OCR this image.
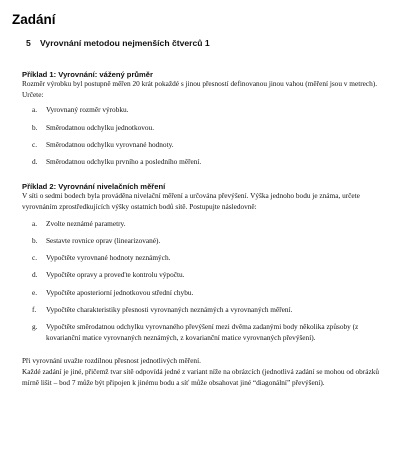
Zadání
5 Vyrovnání metodou nejmenších čtverců 1
Příklad 1: Vyrovnání: vážený průměr
Rozměr výrobku byl postupně měřen 20 krát pokaždé s jinou přesností definovanou jinou vahou (měření jsou v metrech). Určete:
a.	Vyrovnaný rozměr výrobku.
b.	Směrodatnou odchylku jednotkovou.
c.	Směrodatnou odchylku vyrovnané hodnoty.
d.	Směrodatnou odchylku prvního a posledního měření.
Příklad 2: Vyrovnání nivelačních měření
V síti o sedmi bodech byla prováděna nivelační měření a určována převýšení. Výška jednoho bodu je známa, určete vyrovnáním zprostředkujících výšky ostatních bodů sítě. Postupujte následovně:
a.	Zvolte neznámé parametry.
b.	Sestavte rovnice oprav (linearizované).
c.	Vypočtěte vyrovnané hodnoty neznámých.
d.	Vypočtěte opravy a proveďte kontrolu výpočtu.
e.	Vypočtěte aposteriorní jednotkovou střední chybu.
f.	Vypočtěte charakteristiky přesnosti vyrovnaných neznámých a vyrovnaných měření.
g.	Vypočtěte směrodatnou odchylku vyrovnaného převýšení mezi dvěma zadanými body několika způsoby (z kovarianční matice vyrovnaných neznámých, z kovarianční matice vyrovnaných převýšení).
Při vyrovnání uvažte rozdílnou přesnost jednotlivých měření.
Každé zadání je jiné, přičemž tvar sítě odpovídá jedné z variant níže na obrázcích (jednotlivá zadání se mohou od obrázků mírně lišit – bod 7 může být připojen k jinému bodu a síť může obsahovat jiné “diagonální” převýšení).
